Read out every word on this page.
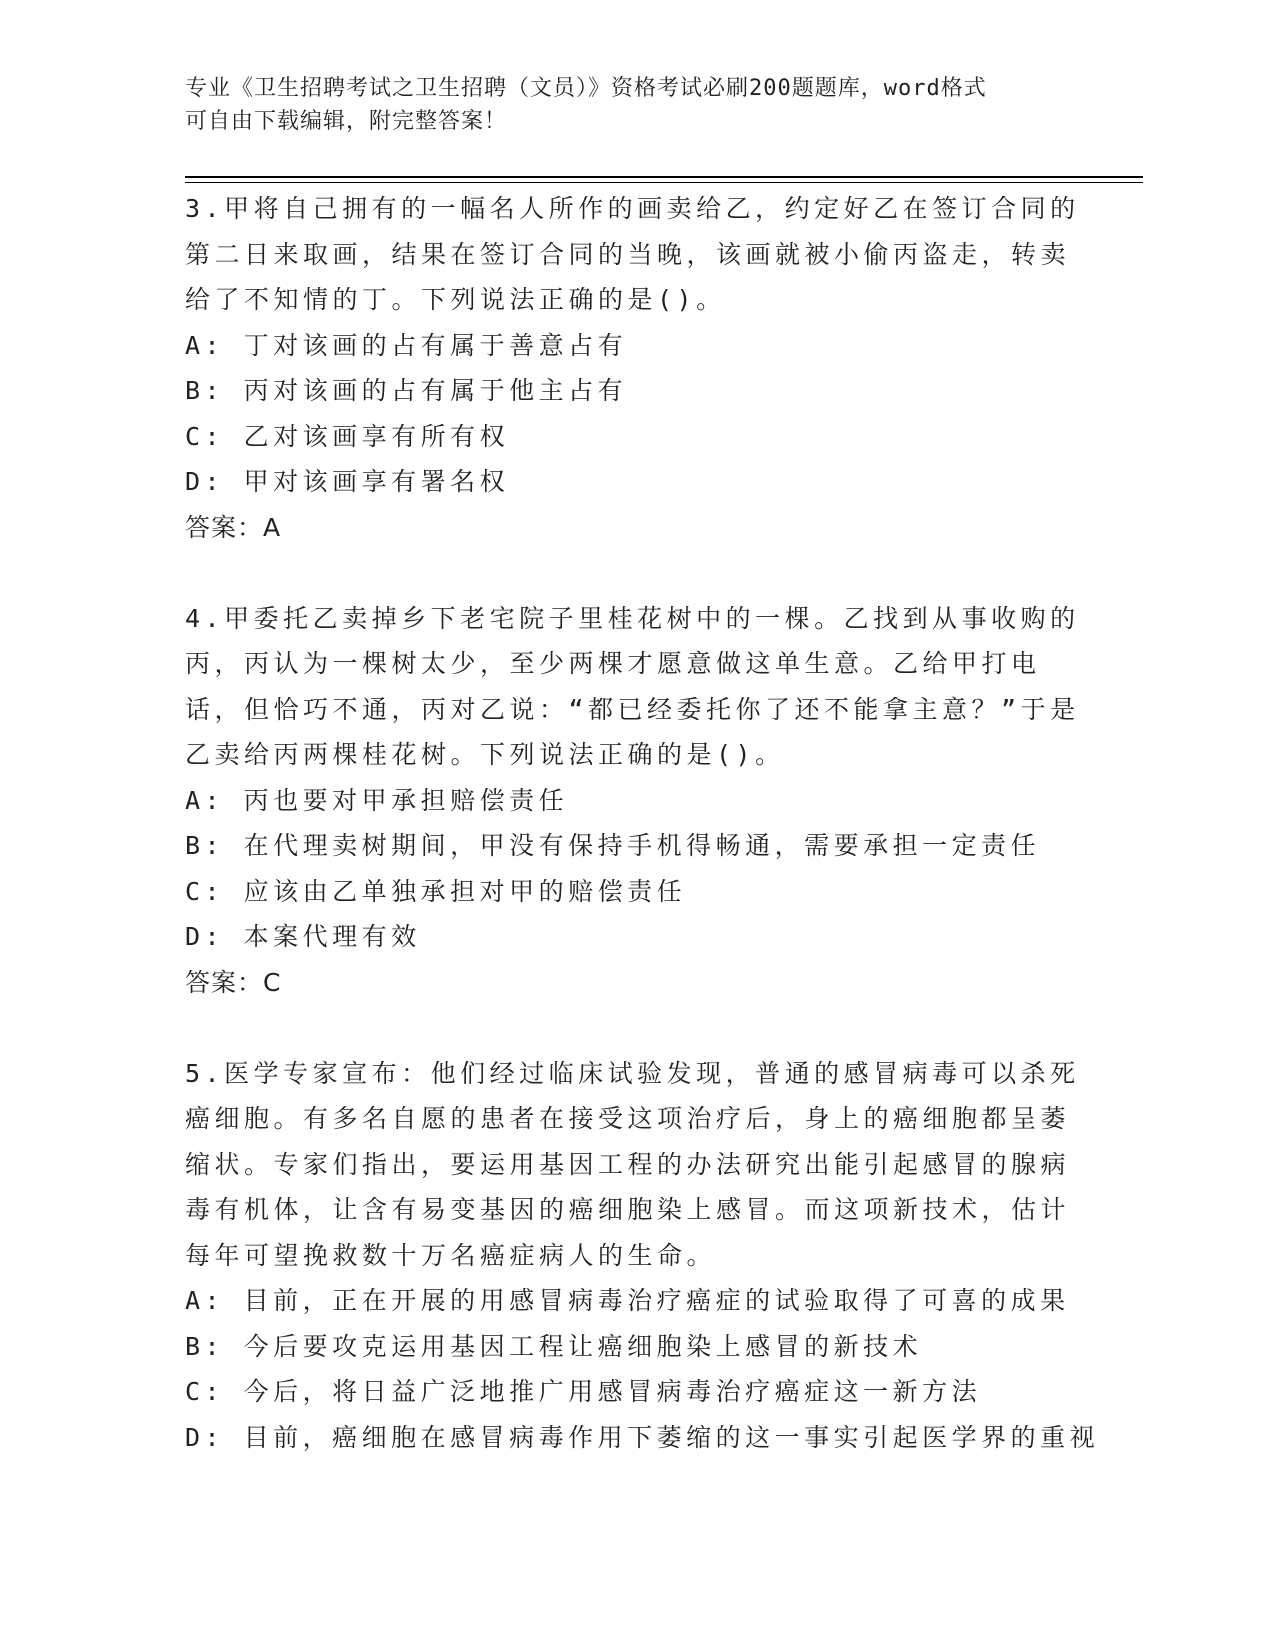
专业《卫生招聘考试之卫生招聘（文员）》资格考试必刷200题题库，word格式
可自由下载编辑，附完整答案！

3.甲将自己拥有的一幅名人所作的画卖给乙，约定好乙在签订合同的第二日来取画，结果在签订合同的当晚，该画就被小偷丙盗走，转卖给了不知情的丁。下列说法正确的是()。

A: 丁对该画的占有属于善意占有

B: 丙对该画的占有属于他主占有

C: 乙对该画享有所有权

D: 甲对该画享有署名权

答案：A

4.甲委托乙卖掉乡下老宅院子里桂花树中的一棵。乙找到从事收购的丙，丙认为一棵树太少，至少两棵才愿意做这单生意。乙给甲打电话，但恰巧不通，丙对乙说：“都已经委托你了还不能拿主意？”于是乙卖给丙两棵桂花树。下列说法正确的是()。

A: 丙也要对甲承担赔偿责任

B: 在代理卖树期间，甲没有保持手机得畅通，需要承担一定责任

C: 应该由乙单独承担对甲的赔偿责任

D: 本案代理有效

答案：C

5.医学专家宣布：他们经过临床试验发现，普通的感冒病毒可以杀死癌细胞。有多名自愿的患者在接受这项治疗后，身上的癌细胞都呈萎缩状。专家们指出，要运用基因工程的办法研究出能引起感冒的腺病毒有机体，让含有易变基因的癌细胞染上感冒。而这项新技术，估计每年可望挽救数十万名癌症病人的生命。

A: 目前，正在开展的用感冒病毒治疗癌症的试验取得了可喜的成果

B: 今后要攻克运用基因工程让癌细胞染上感冒的新技术

C: 今后，将日益广泛地推广用感冒病毒治疗癌症这一新方法

D: 目前，癌细胞在感冒病毒作用下萎缩的这一事实引起医学界的重视
